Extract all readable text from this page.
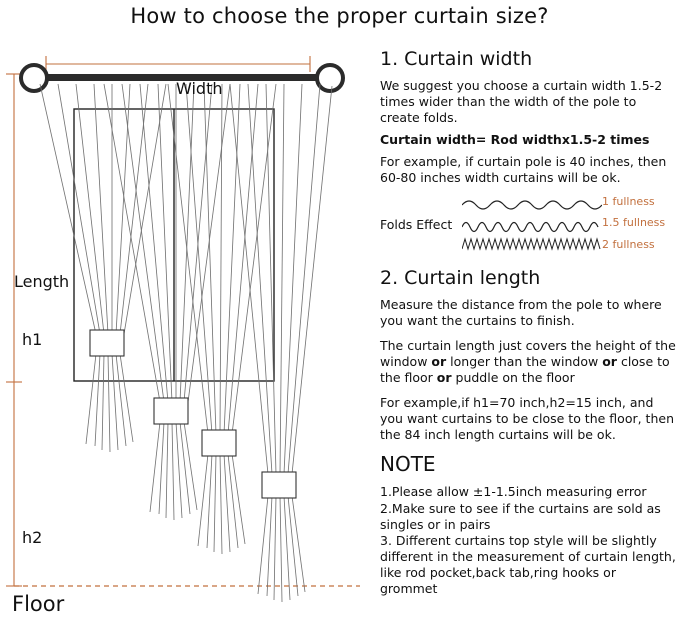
How to choose the proper curtain size?
Width
Length
h1
h2
Floor
1. Curtain width

We suggest you choose a curtain width 1.5-2 times wider than the width of the pole to create folds.

Curtain width= Rod widthx1.5-2 times

For example, if curtain pole is 40 inches, then 60-80 inches width curtains will be ok.

Folds Effect
1 fullness
1.5 fullness
2 fullness
2. Curtain length

Measure the distance from the pole to where you want the curtains to finish.

The curtain length just covers the height of the window or longer than the window or close to the floor or puddle on the floor

For example,if h1=70 inch,h2=15 inch, and you want curtains to be close to the floor, then the 84 inch length curtains will be ok.

NOTE
1.Please allow ±1-1.5inch measuring error
2.Make sure to see if the curtains are sold as singles or in pairs
3. Different curtains top style will be slightly different in the measurement of curtain length, like rod pocket,back tab,ring hooks or grommet
